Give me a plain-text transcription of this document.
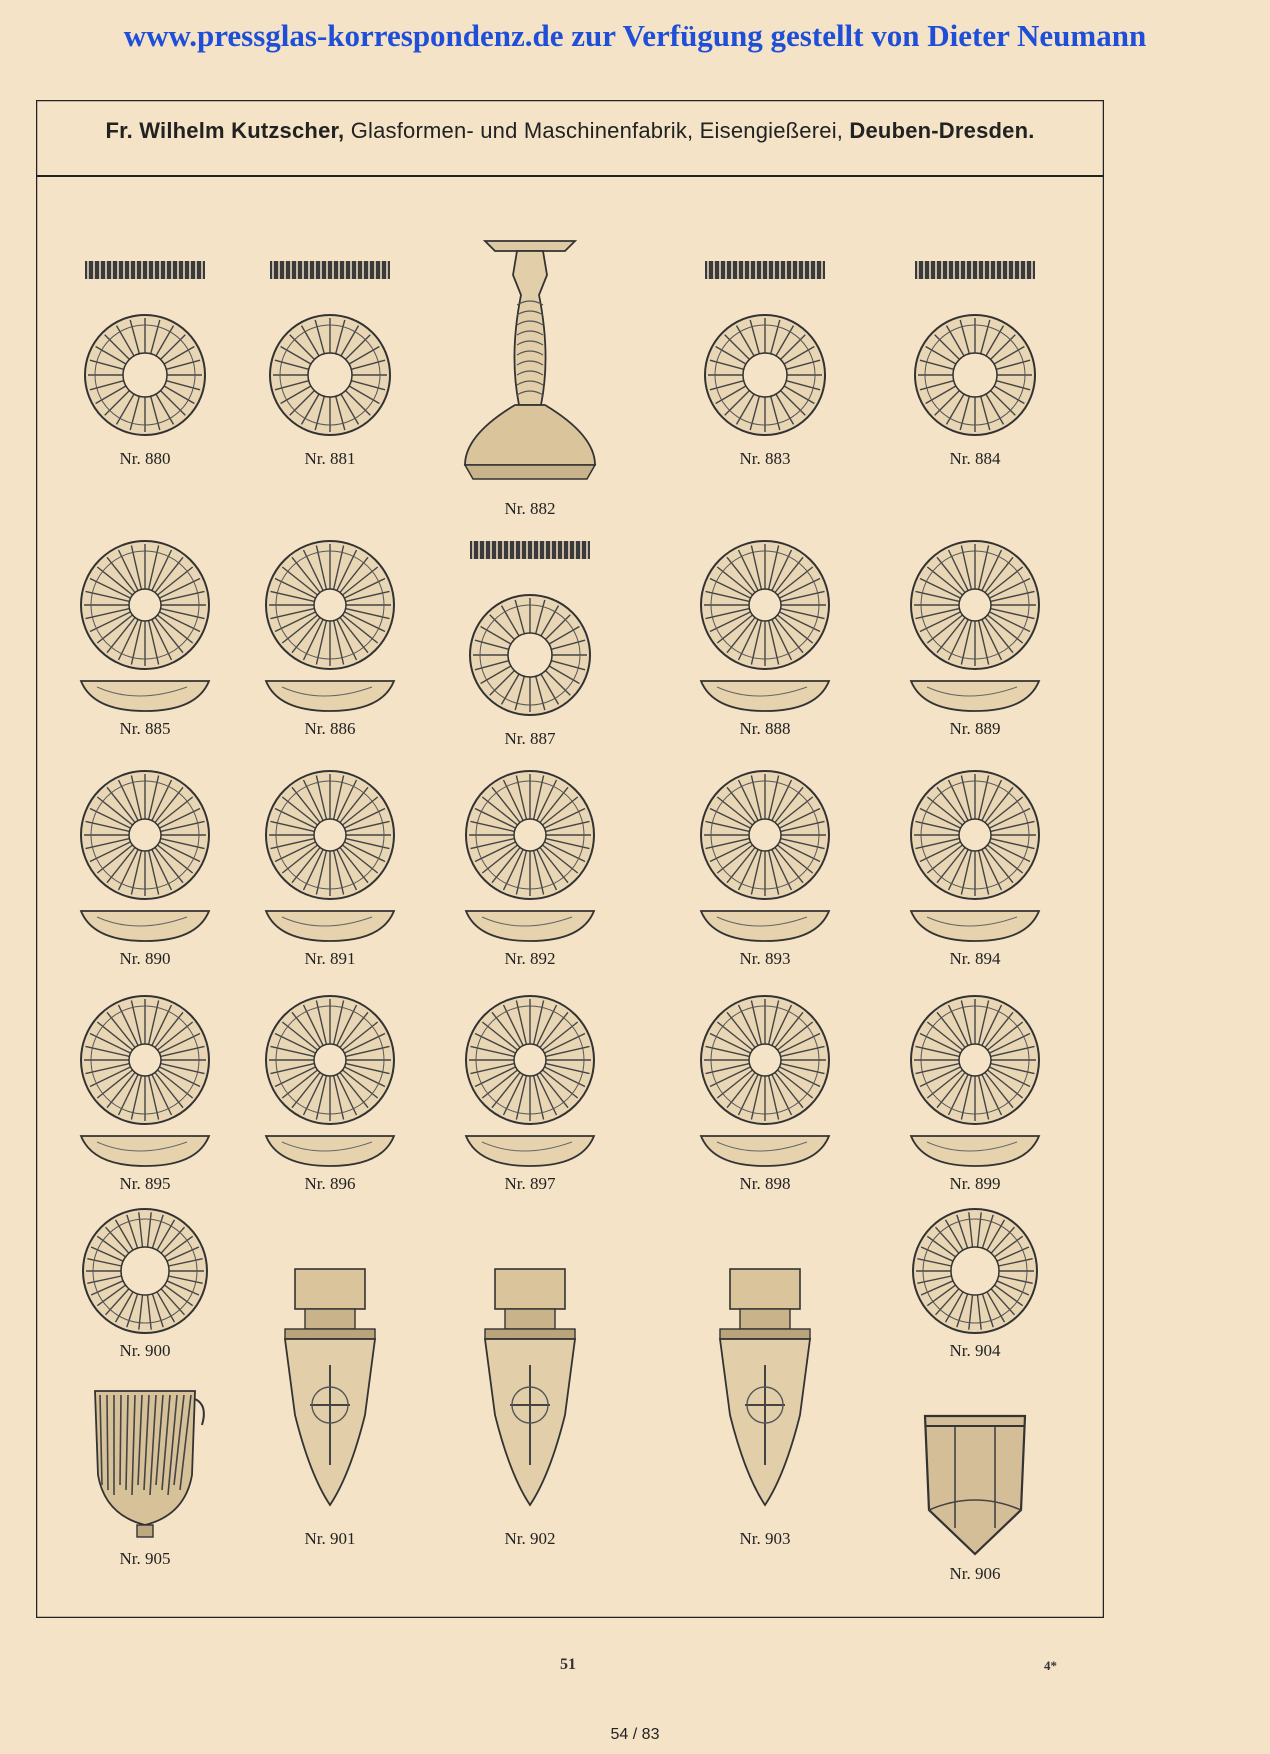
www.pressglas-korrespondenz.de zur Verfügung gestellt von Dieter Neumann
Fr. Wilhelm Kutzscher, Glasformen- und Maschinenfabrik, Eisengießerei, Deuben-Dresden.
Nr. 880	Nr. 881
Nr. 882
Nr. 883	Nr. 884
Nr. 885	Nr. 886
Nr. 887
Nr. 888	Nr. 889
Nr. 890	Nr. 891	Nr. 892	Nr. 893	Nr. 894
Nr. 895	Nr. 896	Nr. 897	Nr. 898	Nr. 899
Nr. 900
Nr. 901	Nr. 902	Nr. 903
Nr. 904
Nr. 905
Nr. 906
51	4*
54 / 83
